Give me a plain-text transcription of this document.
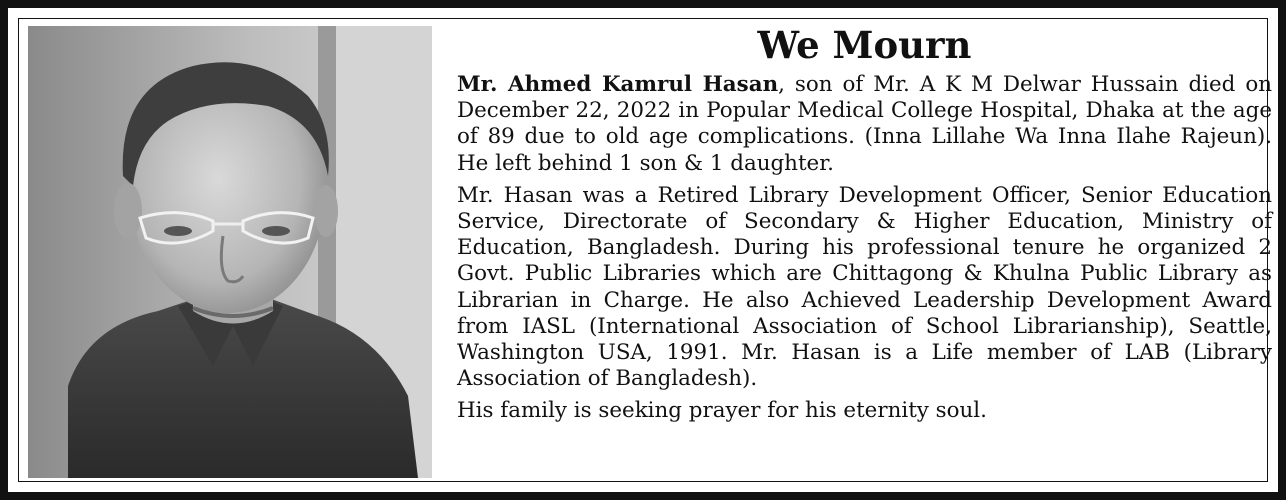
We Mourn

Mr. Ahmed Kamrul Hasan, son of Mr. A K M Delwar Hussain died on December 22, 2022 in Popular Medical College Hospital, Dhaka at the age of 89 due to old age complications. (Inna Lillahe Wa Inna Ilahe Rajeun). He left behind 1 son & 1 daughter.

Mr. Hasan was a Retired Library Development Officer, Senior Education Service, Directorate of Secondary & Higher Education, Ministry of Education, Bangladesh. During his professional tenure he organized 2 Govt. Public Libraries which are Chittagong & Khulna Public Library as Librarian in Charge. He also Achieved Leadership Development Award from IASL (International Association of School Librarianship), Seattle, Washington USA, 1991. Mr. Hasan is a Life member of LAB (Library Association of Bangladesh).

His family is seeking prayer for his eternity soul.
